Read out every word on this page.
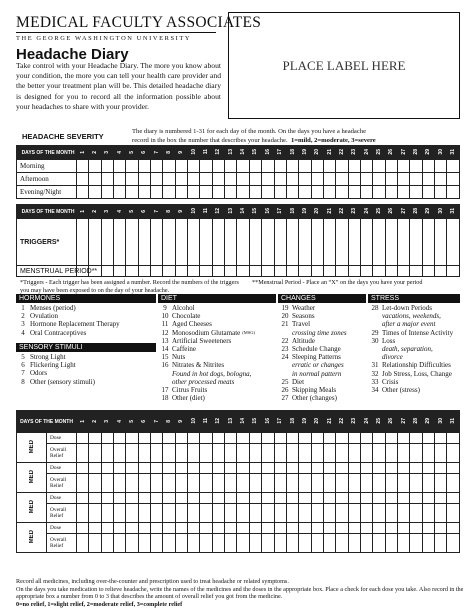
MEDICAL FACULTY ASSOCIATES
THE GEORGE WASHINGTON UNIVERSITY
Headache Diary
Take control with your Headache Diary. The more you know about your condition, the more you can tell your health care provider and the better your treatment plan will be. This detailed headache diary is designed for you to record all the information possible about your headaches to share with your provider.
PLACE LABEL HERE
HEADACHE SEVERITY
The diary is numbered 1-31 for each day of the month. On the days you have a headache
record in the box the number that describes your headache. 1=mild, 2=moderate, 3=severe
DAYS OF THE MONTH	1	2	3	4	5	6	7	8	9	10	11	12	13	14	15	16	17	18	19	20	21	22	23	24	25	26	27	28	29	30	31
Morning																															
Afternoon																															
Evening/Night																															
DAYS OF THE MONTH	1	2	3	4	5	6	7	8	9	10	11	12	13	14	15	16	17	18	19	20	21	22	23	24	25	26	27	28	29	30	31
TRIGGERS*																															
MENSTRUAL PERIOD**																															
*Triggers - Each trigger has been assigned a number. Record the numbers of the triggers you may have been exposed to on the day of your headache.
**Menstrual Period - Place an “X” on the days you have your period
HORMONES	DIET	CHANGES	STRESS
1 Menses (period)
2 Ovulation
3 Hormone Replacement Therapy
4 Oral Contraceptives
SENSORY STIMULI
5 Strong Light
6 Flickering Light
7 Odors
8 Other (sensory stimuli)
9 Alcohol
10 Chocolate
11 Aged Cheeses
12 Monosodium Glutamate (MSG)
13 Artificial Sweeteners
14 Caffeine
15 Nuts
16 Nitrates & Nitrites
Found in hot dogs, bologna,
other processed meats
17 Citrus Fruits
18 Other (diet)
19 Weather
20 Seasons
21 Travel
crossing time zones
22 Altitude
23 Schedule Change
24 Sleeping Patterns
erratic or changes
in normal pattern
25 Diet
26 Skipping Meals
27 Other (changes)
28 Let-down Periods
vacations, weekends,
after a major event
29 Times of Intense Activity
30 Loss
death, separation,
divorce
31 Relationship Difficulties
32 Job Stress, Loss, Change
33 Crisis
34 Other (stress)
DAYS OF THE MONTH		1	2	3	4	5	6	7	8	9	10	11	12	13	14	15	16	17	18	19	20	21	22	23	24	25	26	27	28	29	30	31
MED	Dose																															
	Overall Relief																															
MED	Dose																															
	Overall Relief																															
MED	Dose																															
	Overall Relief																															
MED	Dose																															
	Overall Relief																															
Record all medicines, including over-the-counter and prescription used to treat headache or related symptoms.
On the days you take medication to relieve headache, write the names of the medicines and the doses in the appropriate box. Place a check for each dose you take. Also record in the appropriate box a number from 0 to 3 that describes the amount of overall relief you got from the medicine.
0=no relief, 1=slight relief, 2=moderate relief, 3=complete relief
